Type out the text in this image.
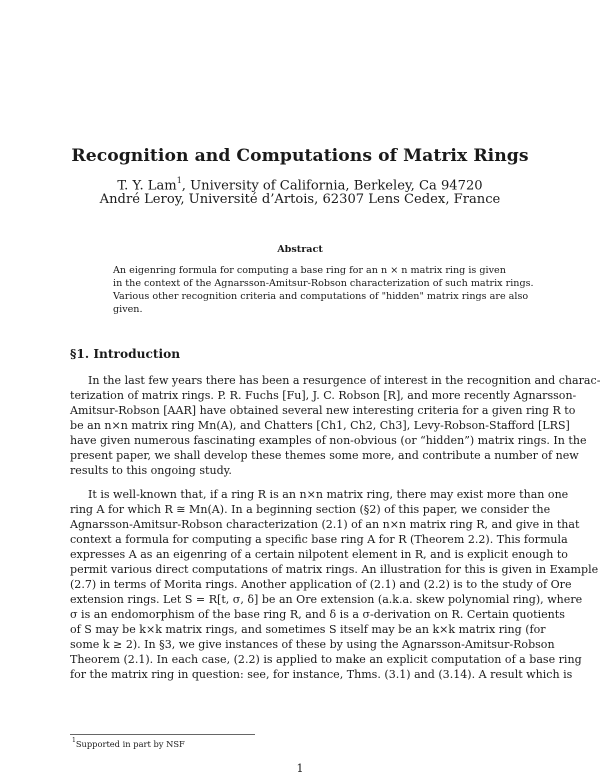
Recognition and Computations of Matrix Rings
T. Y. Lam$^1$, University of California, Berkeley, Ca 94720
André Leroy, Université d’Artois, 62307 Lens Cedex, France
Abstract
An eigenring formula for computing a base ring for an n × n matrix ring is given
in the context of the Agnarsson-Amitsur-Robson characterization of such matrix rings.
Various other recognition criteria and computations of "hidden" matrix rings are also
given.
§1. Introduction
In the last few years there has been a resurgence of interest in the recognition and charac-
terization of matrix rings. P. R. Fuchs [Fu], J. C. Robson [R], and more recently Agnarsson-
Amitsur-Robson [AAR] have obtained several new interesting criteria for a given ring R to
be an n×n matrix ring Mn(A), and Chatters [Ch1, Ch2, Ch3], Levy-Robson-Stafford [LRS]
have given numerous fascinating examples of non-obvious (or “hidden”) matrix rings. In the
present paper, we shall develop these themes some more, and contribute a number of new
results to this ongoing study.
It is well-known that, if a ring R is an n×n matrix ring, there may exist more than one
ring A for which R ≅ Mn(A). In a beginning section (§2) of this paper, we consider the
Agnarsson-Amitsur-Robson characterization (2.1) of an n×n matrix ring R, and give in that
context a formula for computing a specific base ring A for R (Theorem 2.2). This formula
expresses A as an eigenring of a certain nilpotent element in R, and is explicit enough to
permit various direct computations of matrix rings. An illustration for this is given in Example
(2.7) in terms of Morita rings. Another application of (2.1) and (2.2) is to the study of Ore
extension rings. Let S = R[t, σ, δ] be an Ore extension (a.k.a. skew polynomial ring), where
σ is an endomorphism of the base ring R, and δ is a σ-derivation on R. Certain quotients
of S may be k×k matrix rings, and sometimes S itself may be an k×k matrix ring (for
some k ≥ 2). In §3, we give instances of these by using the Agnarsson-Amitsur-Robson
Theorem (2.1). In each case, (2.2) is applied to make an explicit computation of a base ring
for the matrix ring in question: see, for instance, Thms. (3.1) and (3.14). A result which is
$^1$Supported in part by NSF
1
